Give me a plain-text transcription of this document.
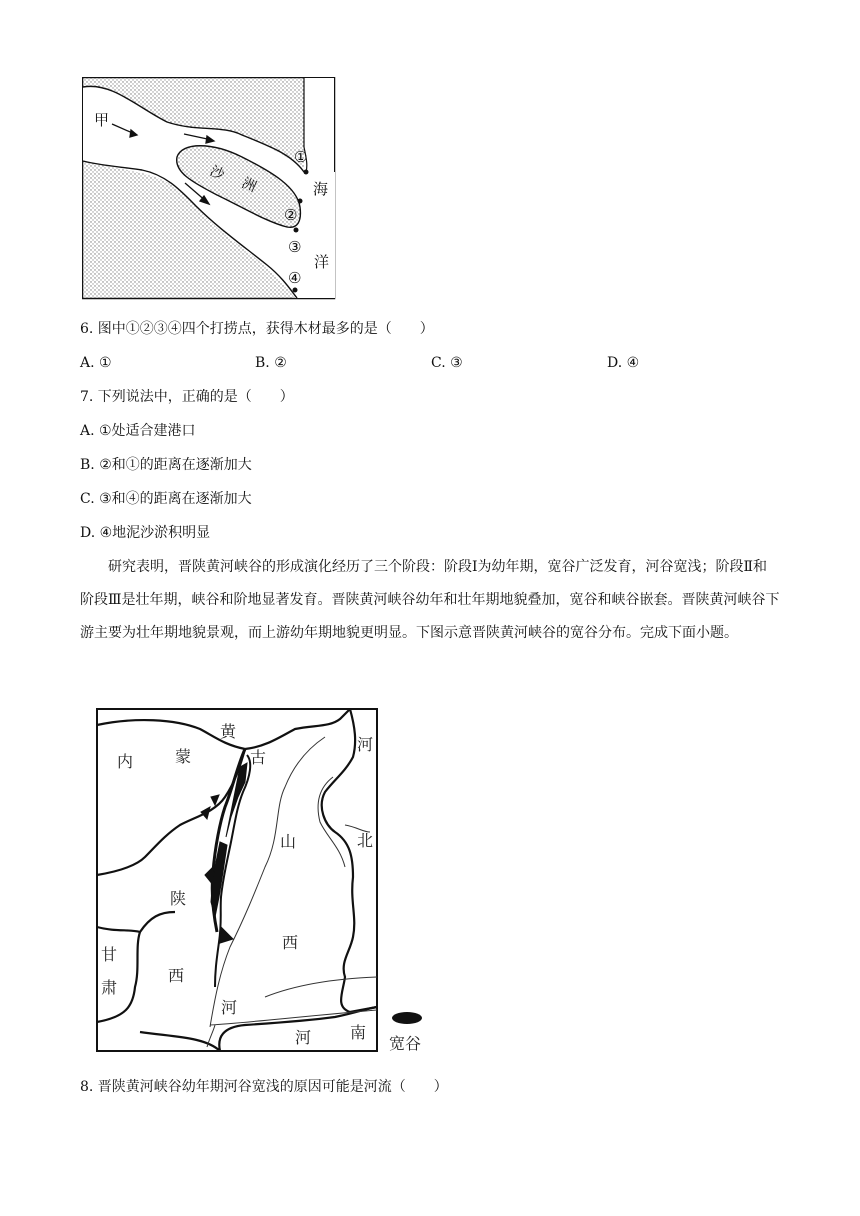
甲
沙
洲
①
②
③
④
海
洋
6. 图中①②③④四个打捞点，获得木材最多的是（　　）
A. ①	B. ②	C. ③	D. ④
7. 下列说法中，正确的是（　　）
A. ①处适合建港口
B. ②和①的距离在逐渐加大
C. ③和④的距离在逐渐加大
D. ④地泥沙淤积明显
研究表明，晋陕黄河峡谷的形成演化经历了三个阶段：阶段Ⅰ为幼年期，宽谷广泛发育，河谷宽浅；阶段Ⅱ和阶段Ⅲ是壮年期，峡谷和阶地显著发育。晋陕黄河峡谷幼年和壮年期地貌叠加，宽谷和峡谷嵌套。晋陕黄河峡谷下游主要为壮年期地貌景观，而上游幼年期地貌更明显。下图示意晋陕黄河峡谷的宽谷分布。完成下面小题。
内	蒙
黄
古
河
北
山
陕
西
甘
肃
西
河
河 南
宽谷
8. 晋陕黄河峡谷幼年期河谷宽浅的原因可能是河流（　　）
